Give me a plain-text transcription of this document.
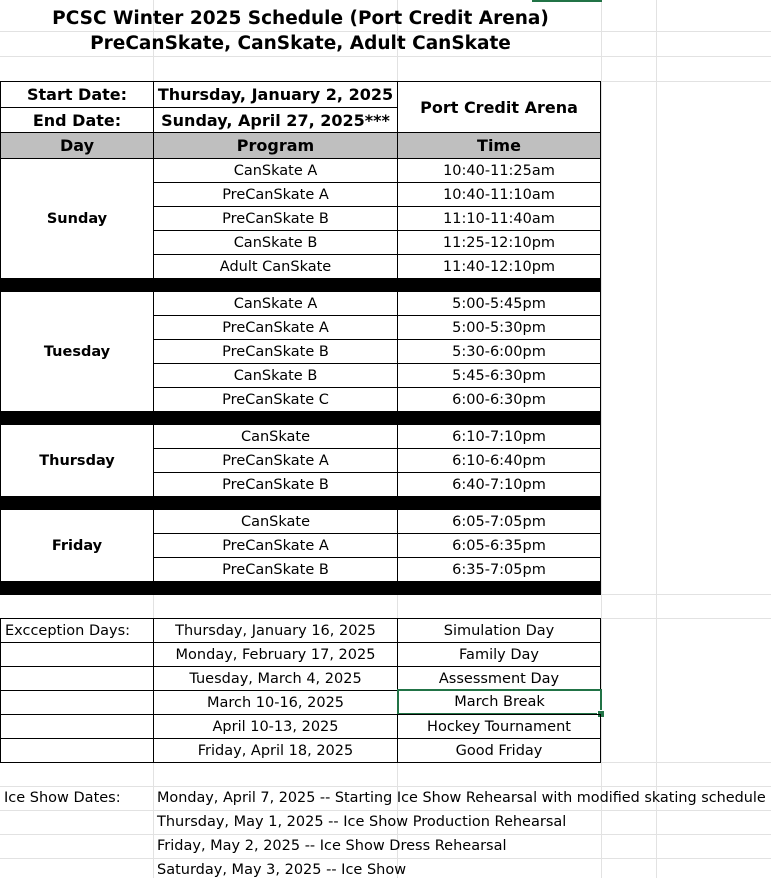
PCSC Winter 2025 Schedule (Port Credit Arena)
PreCanSkate, CanSkate, Adult CanSkate
Start Date:	Thursday, January 2, 2025
Port Credit Arena
End Date:	Sunday, April 27, 2025***
Day	Program	Time
Sunday
CanSkate A	10:40-11:25am
PreCanSkate A	10:40-11:10am
PreCanSkate B	11:10-11:40am
CanSkate B	11:25-12:10pm
Adult CanSkate	11:40-12:10pm
Tuesday
CanSkate A	5:00-5:45pm
PreCanSkate A	5:00-5:30pm
PreCanSkate B	5:30-6:00pm
CanSkate B	5:45-6:30pm
PreCanSkate C	6:00-6:30pm
Thursday
CanSkate	6:10-7:10pm
PreCanSkate A	6:10-6:40pm
PreCanSkate B	6:40-7:10pm
Friday
CanSkate	6:05-7:05pm
PreCanSkate A	6:05-6:35pm
PreCanSkate B	6:35-7:05pm
Excception Days:	Thursday, January 16, 2025	Simulation Day
Monday, February 17, 2025	Family Day
Tuesday, March 4, 2025	Assessment Day
March 10-16, 2025	March Break
April 10-13, 2025	Hockey Tournament
Friday, April 18, 2025	Good Friday
Ice Show Dates:	Monday, April 7, 2025 -- Starting Ice Show Rehearsal with modified skating schedule
Thursday, May 1, 2025 -- Ice Show Production Rehearsal
Friday, May 2, 2025 -- Ice Show Dress Rehearsal
Saturday, May 3, 2025 -- Ice Show
